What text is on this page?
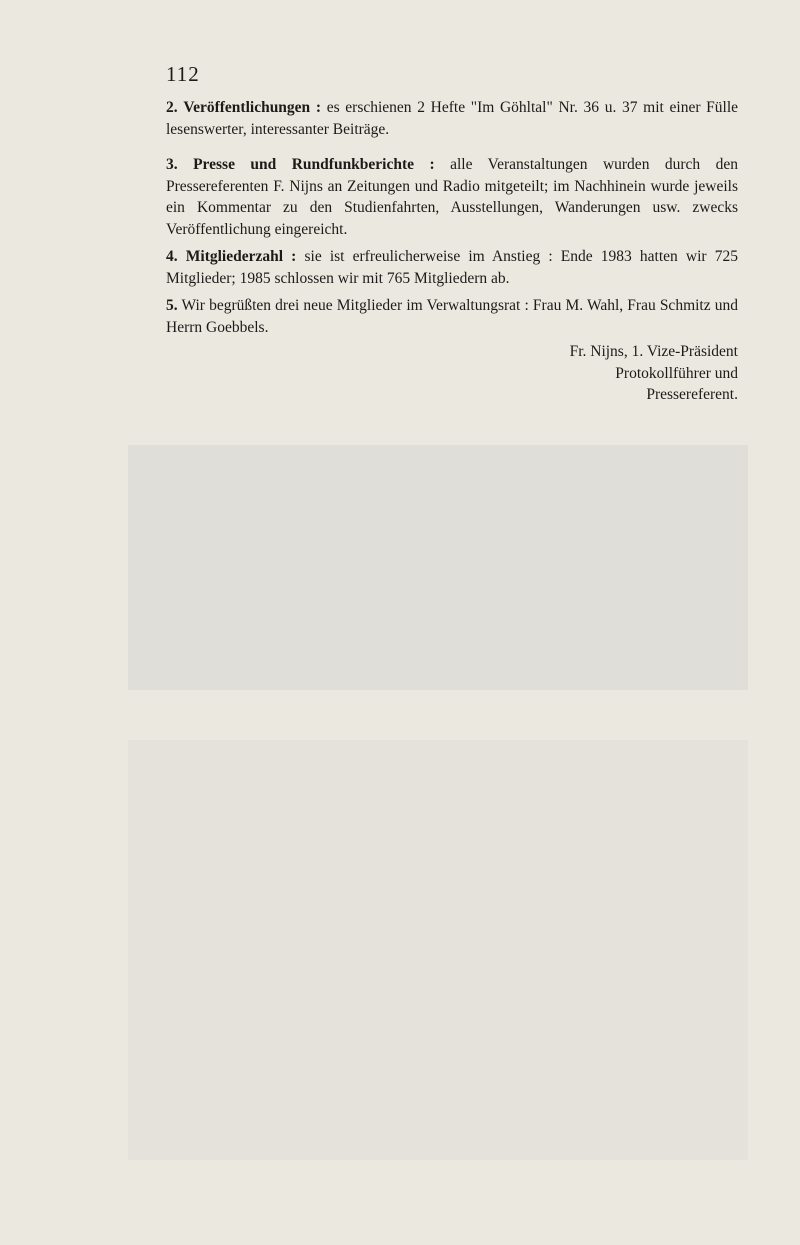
112
2. Veröffentlichungen : es erschienen 2 Hefte "Im Göhltal" Nr. 36 u. 37 mit einer Fülle lesenswerter, interessanter Beiträge.
3. Presse und Rundfunkberichte : alle Veranstaltungen wurden durch den Pressereferenten F. Nijns an Zeitungen und Radio mitgeteilt; im Nachhinein wurde jeweils ein Kommentar zu den Studienfahrten, Ausstellungen, Wanderungen usw. zwecks Veröffentlichung eingereicht.
4. Mitgliederzahl : sie ist erfreulicherweise im Anstieg : Ende 1983 hatten wir 725 Mitglieder; 1985 schlossen wir mit 765 Mitgliedern ab.
5. Wir begrüßten drei neue Mitglieder im Verwaltungsrat : Frau M. Wahl, Frau Schmitz und Herrn Goebbels.
Fr. Nijns, 1. Vize-Präsident
Protokollführer und
Pressereferent.
